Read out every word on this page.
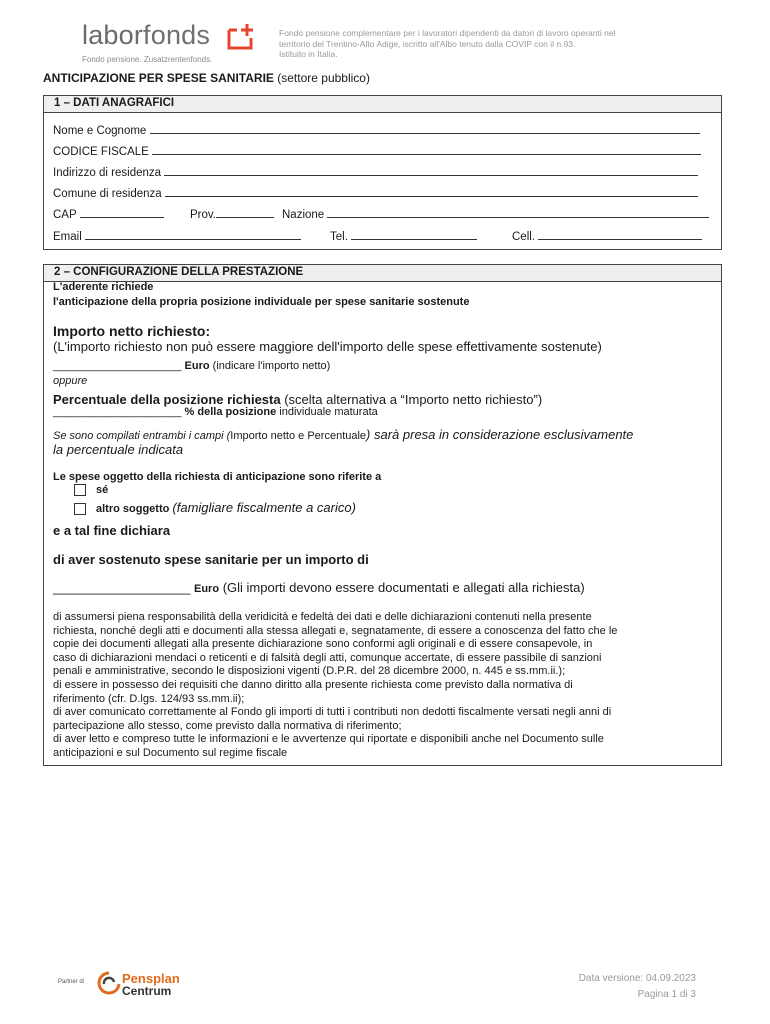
laborfonds
Fondo pensione. Zusatzrentenfonds.
Fondo pensione complementare per i lavoratori dipendenti da datori di lavoro operanti nel
territorio del Trentino-Alto Adige, iscritto all'Albo tenuto dalla COVIP con il n.93.
Istituito in Italia.
ANTICIPAZIONE PER SPESE SANITARIE (settore pubblico)
1 – DATI ANAGRAFICI
Nome e Cognome
CODICE FISCALE
Indirizzo di residenza
Comune di residenza
CAP	Prov.	Nazione
Email	Tel.	Cell.
2 – CONFIGURAZIONE DELLA PRESTAZIONE
L'aderente richiede
l'anticipazione della propria posizione individuale per spese sanitarie sostenute
Importo netto richiesto:
(L'importo richiesto non può essere maggiore dell'importo delle spese effettivamente sostenute)
_____________________ Euro (indicare l'importo netto)
oppure
Percentuale della posizione richiesta (scelta alternativa a “Importo netto richiesto”)
_____________________ % della posizione individuale maturata
Se sono compilati entrambi i campi (Importo netto e Percentuale) sarà presa in considerazione esclusivamente
la percentuale indicata
Le spese oggetto della richiesta di anticipazione sono riferite a
sé
altro soggetto (famigliare fiscalmente a carico)
e a tal fine dichiara
di aver sostenuto spese sanitarie per un importo di
___________________ Euro (Gli importi devono essere documentati e allegati alla richiesta)
di assumersi piena responsabilità della veridicità e fedeltà dei dati e delle dichiarazioni contenuti nella presente
richiesta, nonché degli atti e documenti alla stessa allegati e, segnatamente, di essere a conoscenza del fatto che le
copie dei documenti allegati alla presente dichiarazione sono conformi agli originali e di essere consapevole, in
caso di dichiarazioni mendaci o reticenti e di falsità degli atti, comunque accertate, di essere passibile di sanzioni
penali e amministrative, secondo le disposizioni vigenti (D.P.R. del 28 dicembre 2000, n. 445 e ss.mm.ii.);
di essere in possesso dei requisiti che danno diritto alla presente richiesta come previsto dalla normativa di
riferimento (cfr. D.lgs. 124/93 ss.mm.ii);
di aver comunicato correttamente al Fondo gli importi di tutti i contributi non dedotti fiscalmente versati negli anni di
partecipazione allo stesso, come previsto dalla normativa di riferimento;
di aver letto e compreso tutte le informazioni e le avvertenze qui riportate e disponibili anche nel Documento sulle
anticipazioni e sul Documento sul regime fiscale
Partner di	Pensplan
Centrum
Data versione: 04.09.2023
Pagina 1 di 3
